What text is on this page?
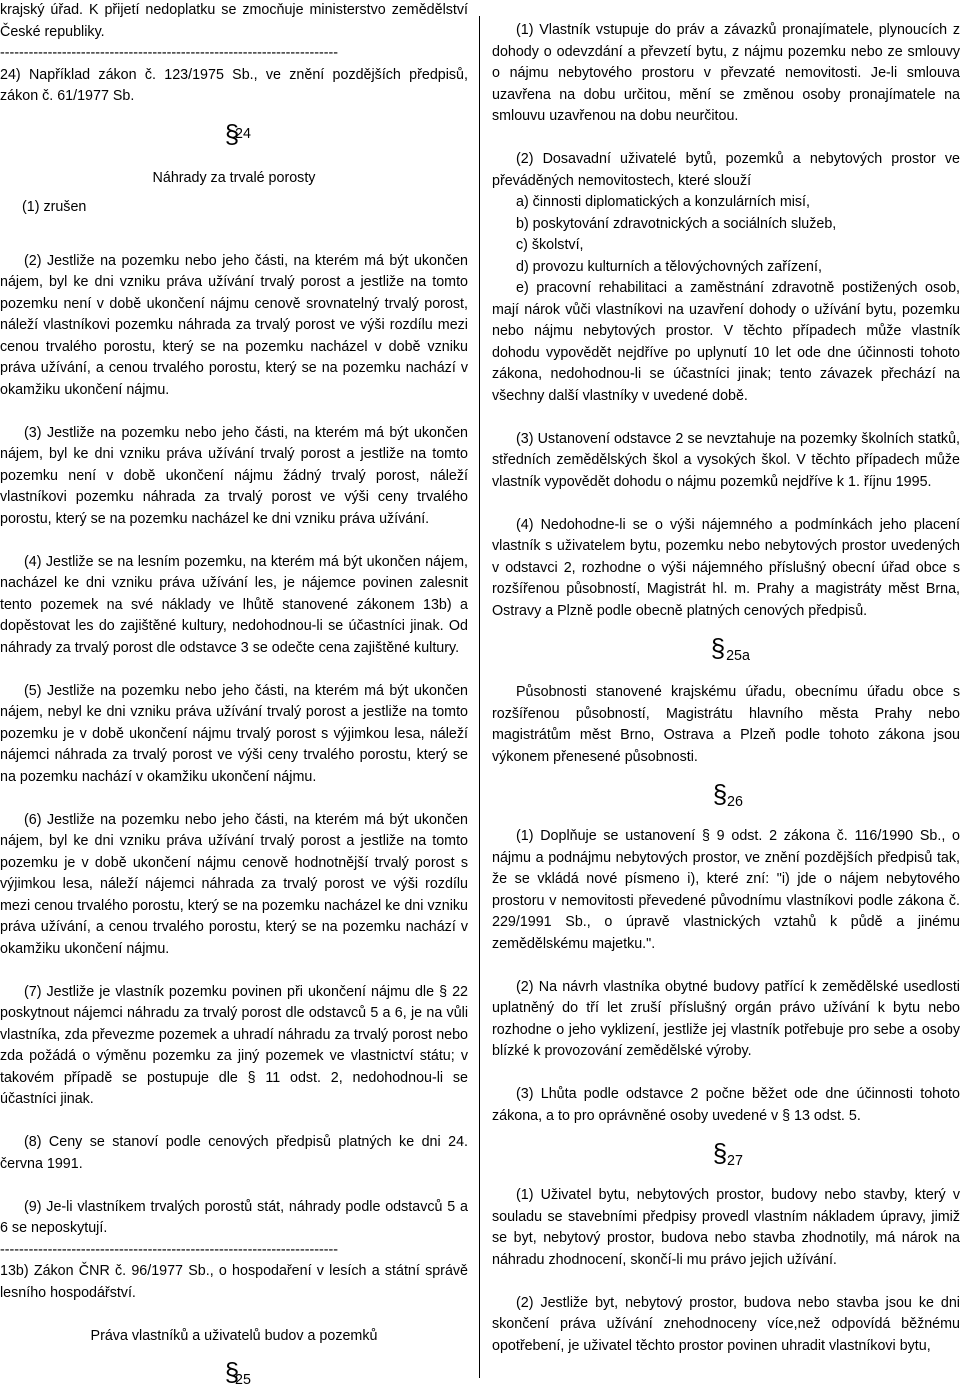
krajský úřad. K přijetí nedoplatku se zmocňuje ministerstvo zemědělství České republiky.

-----------------------------------------------------------------------

24) Například zákon č. 123/1975 Sb., ve znění pozdějších předpisů, zákon č. 61/1977 Sb.

§
24

Náhrady za trvalé porosty

(1) zrušen

(2) Jestliže na pozemku nebo jeho části, na kterém má být ukončen nájem, byl ke dni vzniku práva užívání trvalý porost a jestliže na tomto pozemku není v době ukončení nájmu cenově srovnatelný trvalý porost, náleží vlastníkovi pozemku náhrada za trvalý porost ve výši rozdílu mezi cenou trvalého porostu, který se na pozemku nacházel v době vzniku práva užívání, a cenou trvalého porostu, který se na pozemku nachází v okamžiku ukončení nájmu.

(3) Jestliže na pozemku nebo jeho části, na kterém má být ukončen nájem, byl ke dni vzniku práva užívání trvalý porost a jestliže na tomto pozemku není v době ukončení nájmu žádný trvalý porost, náleží vlastníkovi pozemku náhrada za trvalý porost ve výši ceny trvalého porostu, který se na pozemku nacházel ke dni vzniku práva užívání.

(4) Jestliže se na lesním pozemku, na kterém má být ukončen nájem, nacházel ke dni vzniku práva užívání les, je nájemce povinen zalesnit tento pozemek na své náklady ve lhůtě stanovené zákonem 13b) a dopěstovat les do zajištěné kultury, nedohodnou-li se účastníci jinak. Od náhrady za trvalý porost dle odstavce 3 se odečte cena zajištěné kultury.

(5) Jestliže na pozemku nebo jeho části, na kterém má být ukončen nájem, nebyl ke dni vzniku práva užívání trvalý porost a jestliže na tomto pozemku je v době ukončení nájmu trvalý porost s výjimkou lesa, náleží nájemci náhrada za trvalý porost ve výši ceny trvalého porostu, který se na pozemku nachází v okamžiku ukončení nájmu.

(6) Jestliže na pozemku nebo jeho části, na kterém má být ukončen nájem, byl ke dni vzniku práva užívání trvalý porost a jestliže na tomto pozemku je v době ukončení nájmu cenově hodnotnější trvalý porost s výjimkou lesa, náleží nájemci náhrada za trvalý porost ve výši rozdílu mezi cenou trvalého porostu, který se na pozemku nacházel ke dni vzniku práva užívání, a cenou trvalého porostu, který se na pozemku nachází v okamžiku ukončení nájmu.

(7) Jestliže je vlastník pozemku povinen při ukončení nájmu dle § 22 poskytnout nájemci náhradu za trvalý porost dle odstavců 5 a 6, je na vůli vlastníka, zda převezme pozemek a uhradí náhradu za trvalý porost nebo zda požádá o výměnu pozemku za jiný pozemek ve vlastnictví státu; v takovém případě se postupuje dle § 11 odst. 2, nedohodnou-li se účastníci jinak.

(8) Ceny se stanoví podle cenových předpisů platných ke dni 24. června 1991.

(9) Je-li vlastníkem trvalých porostů stát, náhrady podle odstavců 5 a 6 se neposkytují.

-----------------------------------------------------------------------

13b) Zákon ČNR č. 96/1977 Sb., o hospodaření v lesích a státní správě lesního hospodářství.

Práva vlastníků a uživatelů budov a pozemků

§
25

(1) Vlastník vstupuje do práv a závazků pronajímatele, plynoucích z dohody o odevzdání a převzetí bytu, z nájmu pozemku nebo ze smlouvy o nájmu nebytového prostoru v převzaté nemovitosti. Je-li smlouva uzavřena na dobu určitou, mění se změnou osoby pronajímatele na smlouvu uzavřenou na dobu neurčitou.

(2) Dosavadní uživatelé bytů, pozemků a nebytových prostor ve převáděných nemovitostech, které slouží

a) činnosti diplomatických a konzulárních misí,

b) poskytování zdravotnických a sociálních služeb,

c) školství,

d) provozu kulturních a tělovýchovných zařízení,

e) pracovní rehabilitaci a zaměstnání zdravotně postižených osob, mají nárok vůči vlastníkovi na uzavření dohody o užívání bytu, pozemku nebo nájmu nebytových prostor. V těchto případech může vlastník dohodu vypovědět nejdříve po uplynutí 10 let ode dne účinnosti tohoto zákona, nedohodnou-li se účastníci jinak; tento závazek přechází na všechny další vlastníky v uvedené době.

(3) Ustanovení odstavce 2 se nevztahuje na pozemky školních statků, středních zemědělských škol a vysokých škol. V těchto případech může vlastník vypovědět dohodu o nájmu pozemků nejdříve k 1. říjnu 1995.

(4) Nedohodne-li se o výši nájemného a podmínkách jeho placení vlastník s uživatelem bytu, pozemku nebo nebytových prostor uvedených v odstavci 2, rozhodne o výši nájemného příslušný obecní úřad obce s rozšířenou působností, Magistrát hl. m. Prahy a magistráty měst Brna, Ostravy a Plzně podle obecně platných cenových předpisů.

§ 25a

Působnosti stanovené krajskému úřadu, obecnímu úřadu obce s rozšířenou působností, Magistrátu hlavního města Prahy nebo magistrátům měst Brno, Ostrava a Plzeň podle tohoto zákona jsou výkonem přenesené působnosti.

§ 26

(1) Doplňuje se ustanovení § 9 odst. 2 zákona č. 116/1990 Sb., o nájmu a podnájmu nebytových prostor, ve znění pozdějších předpisů tak, že se vkládá nové písmeno i), které zní: "i) jde o nájem nebytového prostoru v nemovitosti převedené původnímu vlastníkovi podle zákona č. 229/1991 Sb., o úpravě vlastnických vztahů k půdě a jinému zemědělskému majetku.".

(2) Na návrh vlastníka obytné budovy patřící k zemědělské usedlosti uplatněný do tří let zruší příslušný orgán právo užívání k bytu nebo rozhodne o jeho vyklizení, jestliže jej vlastník potřebuje pro sebe a osoby blízké k provozování zemědělské výroby.

(3) Lhůta podle odstavce 2 počne běžet ode dne účinnosti tohoto zákona, a to pro oprávněné osoby uvedené v § 13 odst. 5.

§ 27

(1) Uživatel bytu, nebytových prostor, budovy nebo stavby, který v souladu se stavebními předpisy provedl vlastním nákladem úpravy, jimiž se byt, nebytový prostor, budova nebo stavba zhodnotily, má nárok na náhradu zhodnocení, skončí-li mu právo jejich užívání.

(2) Jestliže byt, nebytový prostor, budova nebo stavba jsou ke dni skončení práva užívání znehodnoceny více,než odpovídá běžnému opotřebení, je uživatel těchto prostor povinen uhradit vlastníkovi bytu,
